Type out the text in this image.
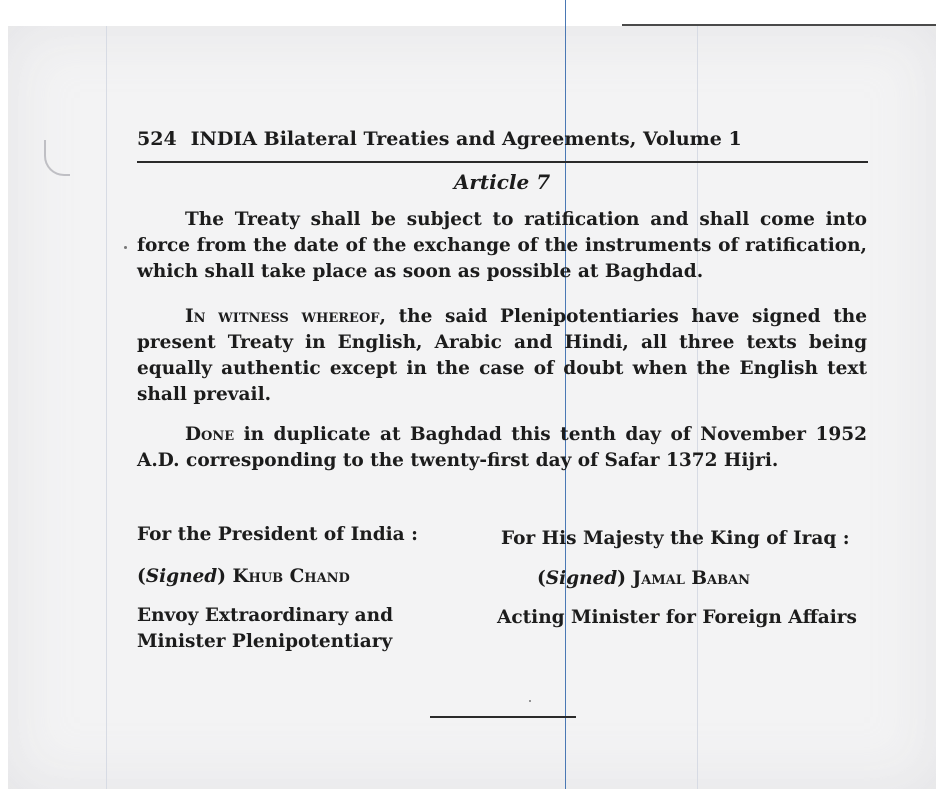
524 INDIA Bilateral Treaties and Agreements, Volume 1
Article 7

The Treaty shall be subject to ratification and shall come into force from the date of the exchange of the instruments of ratification, which shall take place as soon as possible at Baghdad.

In witness whereof, the said Plenipotentiaries have signed the present Treaty in English, Arabic and Hindi, all three texts being equally authentic except in the case of doubt when the English text shall prevail.

Done in duplicate at Baghdad this tenth day of November 1952 A.D. corresponding to the twenty-first day of Safar 1372 Hijri.

For the President of India :
(Signed) Khub Chand
Envoy Extraordinary and
Minister Plenipotentiary
For His Majesty the King of Iraq :
(Signed) Jamal Baban
Acting Minister for Foreign Affairs
